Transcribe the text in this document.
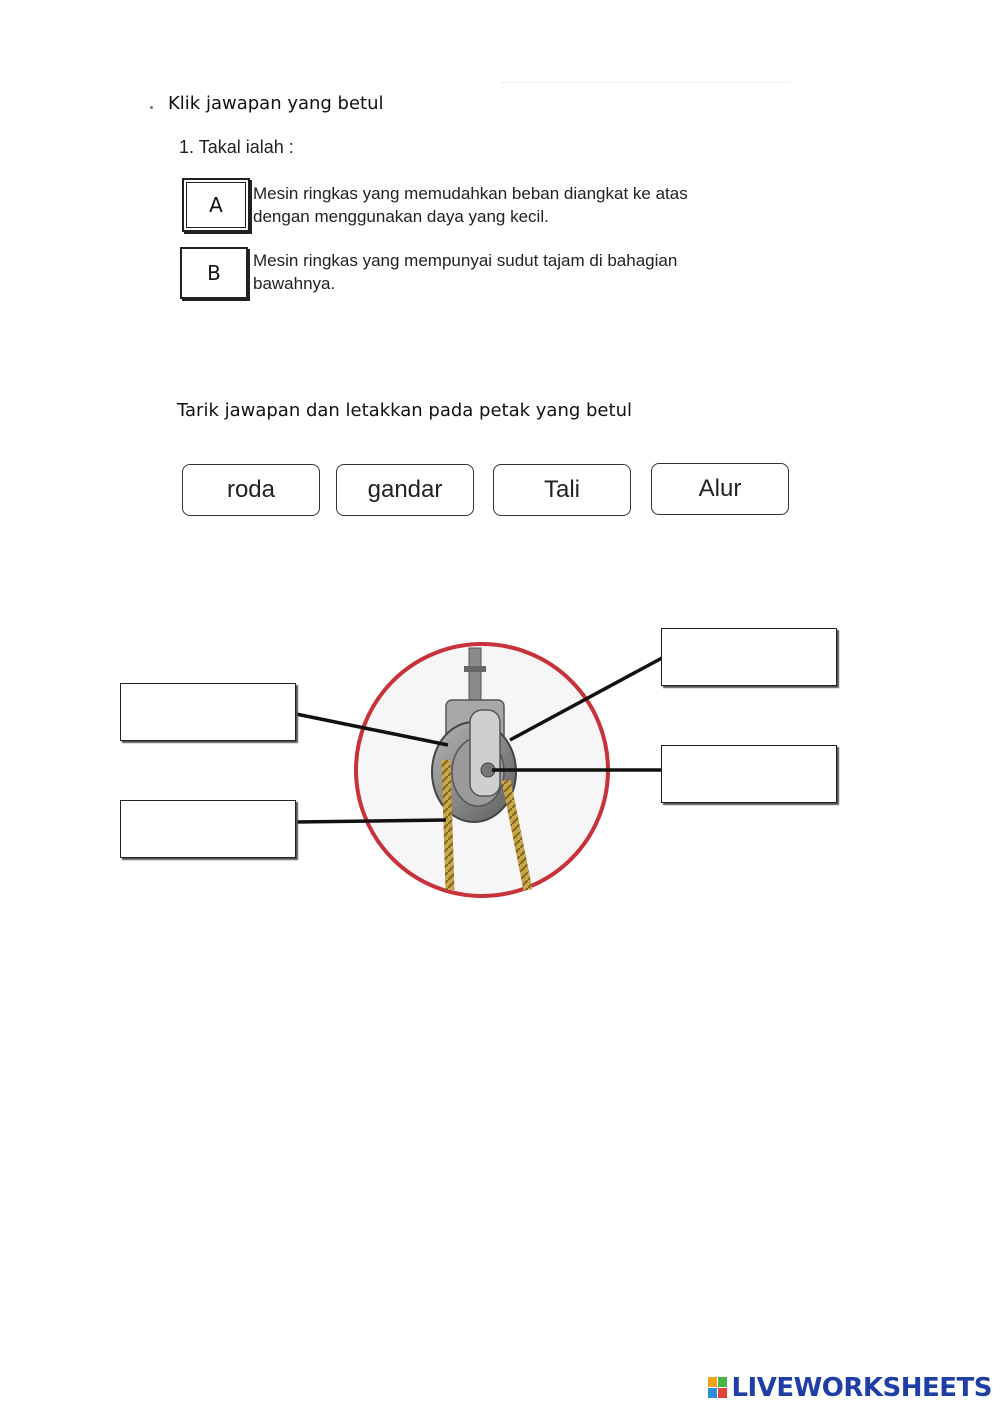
Klik jawapan yang betul
1. Takal ialah :
A Mesin ringkas yang memudahkan beban diangkat ke atas
dengan menggunakan daya yang kecil.
B
Mesin ringkas yang mempunyai sudut tajam di bahagian
bawahnya.
Tarik jawapan dan letakkan pada petak yang betul
roda	gandar	Tali	Alur
LIVEWORKSHEETS
